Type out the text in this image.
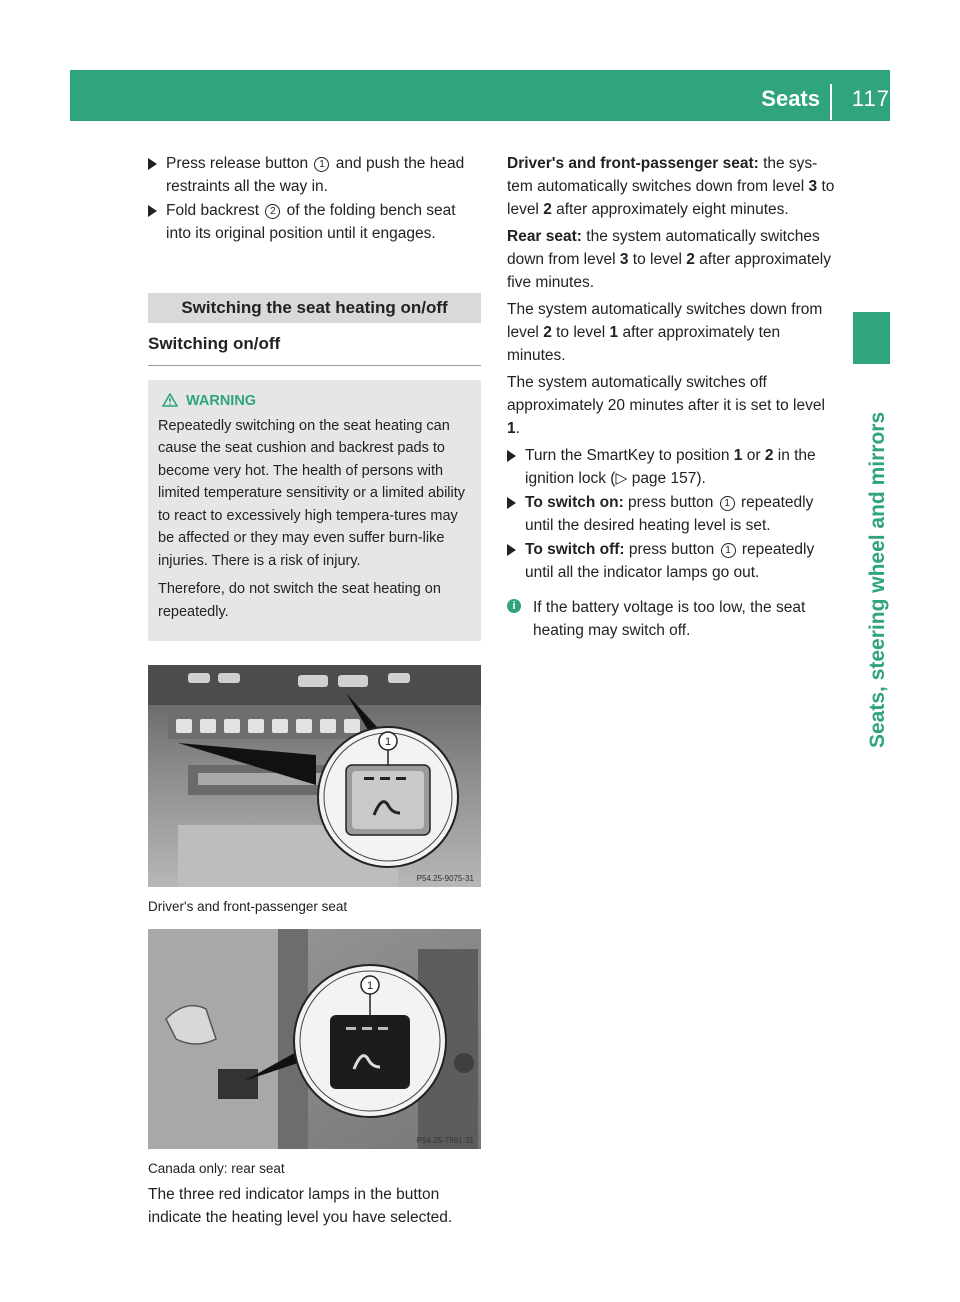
Seats 117
Seats, steering wheel and mirrors
Press release button 1 and push the head restraints all the way in.
Fold backrest 2 of the folding bench seat into its original position until it engages.
Switching the seat heating on/off
Switching on/off
WARNING

Repeatedly switching on the seat heating can cause the seat cushion and backrest pads to become very hot. The health of persons with limited temperature sensitivity or a limited ability to react to excessively high tempera-tures may be affected or they may even suffer burn-like injuries. There is a risk of injury.

Therefore, do not switch the seat heating on repeatedly.

1
P54.25-9075-31
Driver's and front-passenger seat
1
P54.25-7991-31
Canada only: rear seat

The three red indicator lamps in the button indicate the heating level you have selected.

Driver's and front-passenger seat: the sys-tem automatically switches down from level 3 to level 2 after approximately eight minutes.

Rear seat: the system automatically switches down from level 3 to level 2 after approximately five minutes.

The system automatically switches down from level 2 to level 1 after approximately ten minutes.

The system automatically switches off approximately 20 minutes after it is set to level 1.

Turn the SmartKey to position 1 or 2 in the ignition lock (▷ page 157).
To switch on: press button 1 repeatedly until the desired heating level is set.
To switch off: press button 1 repeatedly until all the indicator lamps go out.
i	If the battery voltage is too low, the seat heating may switch off.
